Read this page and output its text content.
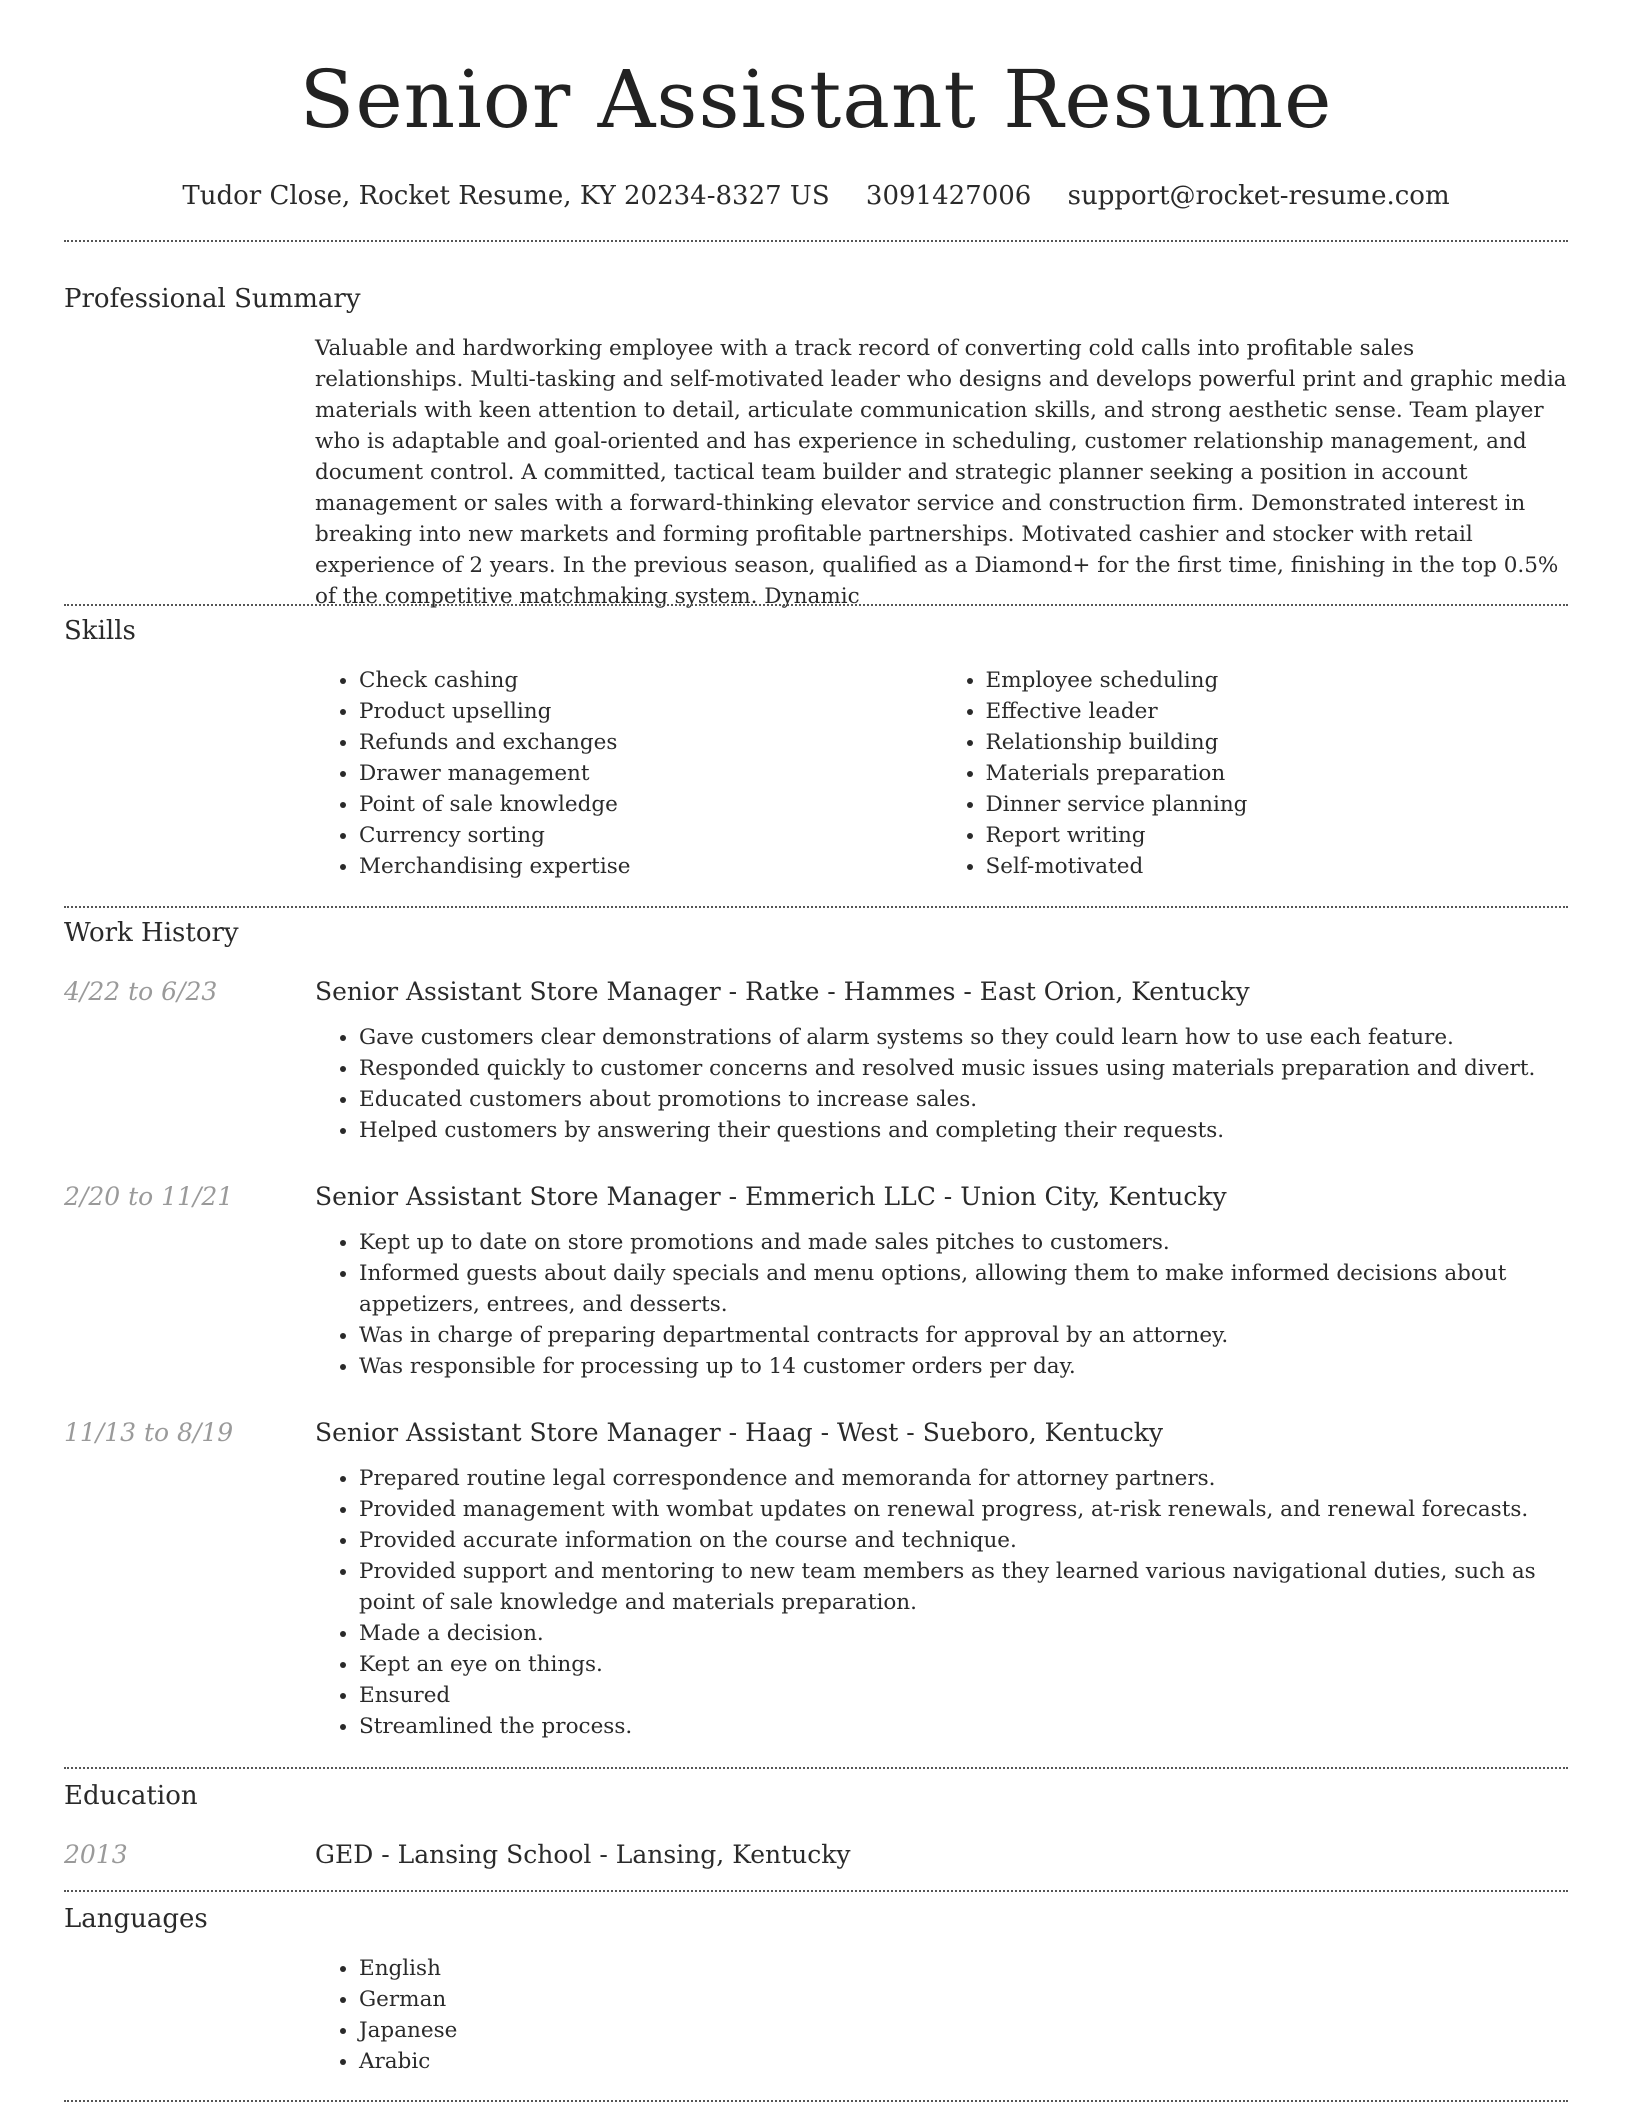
Senior Assistant Resume
Tudor Close, Rocket Resume, KY 20234-8327 US 3091427006 support@rocket-resume.com
Professional Summary

Valuable and hardworking employee with a track record of converting cold calls into profitable sales relationships. Multi-tasking and self-motivated leader who designs and develops powerful print and graphic media materials with keen attention to detail, articulate communication skills, and strong aesthetic sense. Team player who is adaptable and goal-oriented and has experience in scheduling, customer relationship management, and document control. A committed, tactical team builder and strategic planner seeking a position in account management or sales with a forward-thinking elevator service and construction firm. Demonstrated interest in breaking into new markets and forming profitable partnerships. Motivated cashier and stocker with retail experience of 2 years. In the previous season, qualified as a Diamond+ for the first time, finishing in the top 0.5% of the competitive matchmaking system. Dynamic

Skills
• Check cashing
• Product upselling
• Refunds and exchanges
• Drawer management
• Point of sale knowledge
• Currency sorting
• Merchandising expertise
• Employee scheduling
• Effective leader
• Relationship building
• Materials preparation
• Dinner service planning
• Report writing
• Self-motivated
Work History
4/22 to 6/23	Senior Assistant Store Manager - Ratke - Hammes - East Orion, Kentucky
• Gave customers clear demonstrations of alarm systems so they could learn how to use each feature.
• Responded quickly to customer concerns and resolved music issues using materials preparation and divert.
• Educated customers about promotions to increase sales.
• Helped customers by answering their questions and completing their requests.
2/20 to 11/21	Senior Assistant Store Manager - Emmerich LLC - Union City, Kentucky
• Kept up to date on store promotions and made sales pitches to customers.
• Informed guests about daily specials and menu options, allowing them to make informed decisions about appetizers, entrees, and desserts.
• Was in charge of preparing departmental contracts for approval by an attorney.
• Was responsible for processing up to 14 customer orders per day.
11/13 to 8/19	Senior Assistant Store Manager - Haag - West - Sueboro, Kentucky
• Prepared routine legal correspondence and memoranda for attorney partners.
• Provided management with wombat updates on renewal progress, at-risk renewals, and renewal forecasts.
• Provided accurate information on the course and technique.
• Provided support and mentoring to new team members as they learned various navigational duties, such as point of sale knowledge and materials preparation.
• Made a decision.
• Kept an eye on things.
• Ensured
• Streamlined the process.
Education
2013	GED - Lansing School - Lansing, Kentucky
Languages
• English
• German
• Japanese
• Arabic
